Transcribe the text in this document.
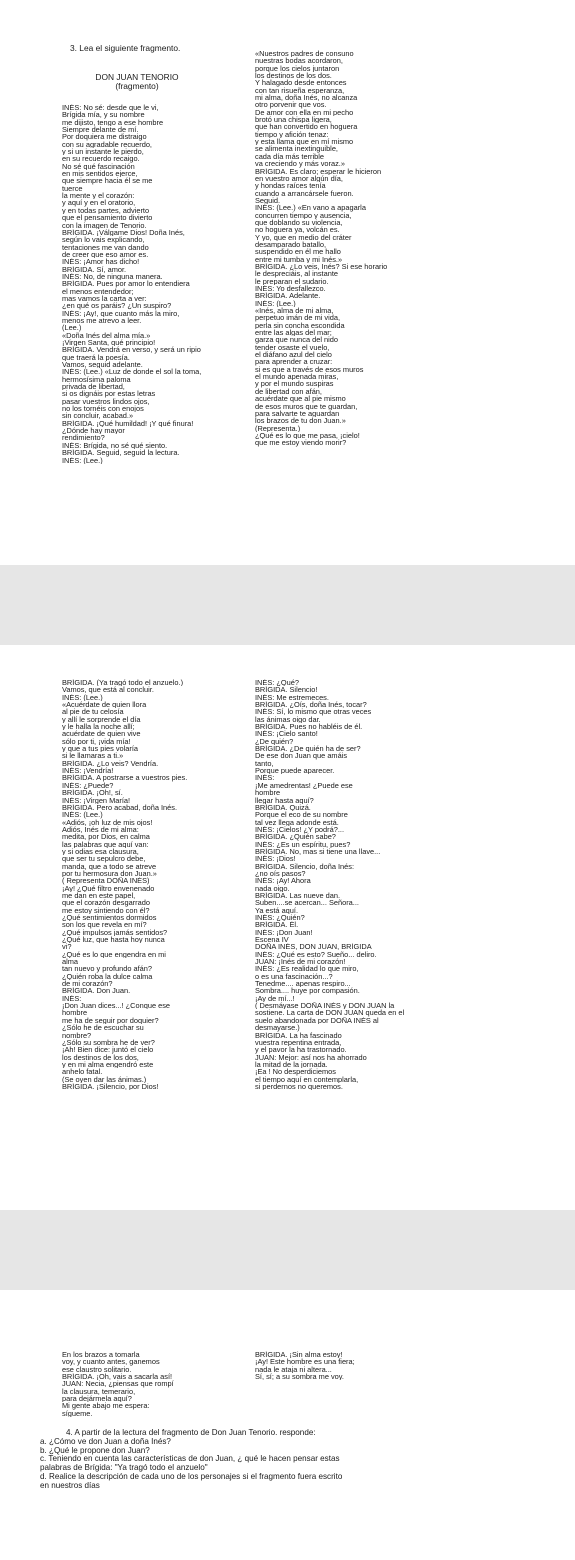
3. Lea el siguiente fragmento.
DON JUAN TENORIO
(fragmento)
INÉS: No sé: desde que le vi,
Brígida mía, y su nombre
me dijisto, tengo a ese hombre
Siempre delante de mí.
Por doquiera me distraigo
con su agradable recuerdo,
y si un instante le pierdo,
en su recuerdo recaigo.
No sé qué fascinación
en mis sentidos ejerce,
que siempre hacia él se me
tuerce
la mente y el corazón:
y aquí y en el oratorio,
y en todas partes, advierto
que el pensamiento divierto
con la imagen de Tenorio.
BRÍGIDA. ¡Válgame Dios! Doña Inés,
según lo vais explicando,
tentaciones me van dando
de creer que eso amor es.
INÉS: ¡Amor has dicho!
BRÍGIDA. Sí, amor.
INÉS: No, de ninguna manera.
BRÍGIDA. Pues por amor lo entendiera
el menos entendedor;
mas vamos la carta a ver:
¿en qué os paráis? ¿Un suspiro?
INÉS: ¡Ay!, que cuanto más la miro,
menos me atrevo a leer.
(Lee.)
«Doña Inés del alma mía.»
¡Virgen Santa, qué principio!
BRÍGIDA. Vendrá en verso, y será un ripio
que traerá la poesía.
Vamos, seguid adelante.
INÉS: (Lee.) «Luz de donde el sol la toma,
hermosísima paloma
privada de libertad,
si os dignáis por estas letras
pasar vuestros lindos ojos,
no los tornéis con enojos
sin concluir, acabad.»
BRÍGIDA. ¡Qué humildad! ¡Y qué finura!
¿Dónde hay mayor
rendimiento?
INÉS: Brígida, no sé qué siento.
BRÍGIDA. Seguid, seguid la lectura.
INÉS: (Lee.)
«Nuestros padres de consuno
nuestras bodas acordaron,
porque los cielos juntaron
los destinos de los dos.
Y halagado desde entonces
con tan risueña esperanza,
mi alma, doña Inés, no alcanza
otro porvenir que vos.
De amor con ella en mi pecho
brotó una chispa ligera,
que han convertido en hoguera
tiempo y afición tenaz:
y esta llama que en mí mismo
se alimenta inextinguible,
cada día más terrible
va creciendo y más voraz.»
BRÍGIDA. Es claro; esperar le hicieron
en vuestro amor algún día,
y hondas raíces tenía
cuando a arrancársele fueron.
Seguid.
INÉS: (Lee.) «En vano a apagarla
concurren tiempo y ausencia,
que doblando su violencia,
no hoguera ya, volcán es.
Y yo, que en medio del cráter
desamparado batallo,
suspendido en él me hallo
entre mi tumba y mi Inés.»
BRÍGIDA. ¿Lo veis, Inés? Si ese horario
le despreciáis, al instante
le preparan el sudario.
INÉS: Yo desfallezco.
BRÍGIDA. Adelante.
INÉS: (Lee.)
«Inés, alma de mi alma,
perpetuo imán de mi vida,
perla sin concha escondida
entre las algas del mar;
garza que nunca del nido
tender osaste el vuelo,
el diáfano azul del cielo
para aprender a cruzar:
si es que a través de esos muros
el mundo apenada miras,
y por el mundo suspiras
de libertad con afán,
acuérdate que al pie mismo
de esos muros que te guardan,
para salvarte te aguardan
los brazos de tu don Juan.»
(Representa.)
¿Qué es lo que me pasa, ¡cielo!
que me estoy viendo morir?
BRÍGIDA. (Ya tragó todo el anzuelo.)
Vamos, que está al concluir.
INÉS: (Lee.)
«Acuérdate de quien llora
al pie de tu celosía
y allí le sorprende el día
y le halla la noche allí;
acuérdate de quien vive
sólo por ti, ¡vida mía!
y que a tus pies volaría
si le llamaras a ti.»
BRÍGIDA. ¿Lo veis? Vendría.
INÉS: ¡Vendría!
BRÍGIDA. A postrarse a vuestros pies.
INÉS: ¿Puede?
BRÍGIDA. ¡Oh!, sí.
INÉS: ¡Virgen María!
BRÍGIDA. Pero acabad, doña Inés.
INÉS: (Lee.)
«Adiós, ¡oh luz de mis ojos!
Adiós, Inés de mi alma:
medita, por Dios, en calma
las palabras que aquí van:
y si odias esa clausura,
que ser tu sepulcro debe,
manda, que a todo se atreve
por tu hermosura don Juan.»
( Representa DOÑA INÉS)
¡Ay! ¿Qué filtro envenenado
me dan en este papel,
que el corazón desgarrado
me estoy sintiendo con él?
¿Qué sentimientos dormidos
son los que revela en mí?
¿Qué impulsos jamás sentidos?
¿Qué luz, que hasta hoy nunca
vi?
¿Qué es lo que engendra en mi
alma
tan nuevo y profundo afán?
¿Quién roba la dulce calma
de mi corazón?
BRÍGIDA. Don Juan.
INÉS:
¡Don Juan dices...! ¿Conque ese
hombre
me ha de seguir por doquier?
¿Sólo he de escuchar su
nombre?
¿Sólo su sombra he de ver?
¡Ah! Bien dice: juntó el cielo
los destinos de los dos,
y en mi alma engendró este
anhelo fatal.
(Se oyen dar las ánimas.)
BRÍGIDA. ¡Silencio, por Dios!
INÉS: ¿Qué?
BRÍGIDA. Silencio!
INÉS: Me estremeces.
BRÍGIDA. ¿Oís, doña Inés, tocar?
INÉS: Sí, lo mismo que otras veces
las ánimas oigo dar.
BRÍGIDA. Pues no habléis de él.
INÉS: ¡Cielo santo!
¿De quién?
BRÍGIDA. ¿De quién ha de ser?
De ese don Juan que amáis
tanto,
Porque puede aparecer.
INÉS:
¡Me amedrentas! ¿Puede ese
hombre
llegar hasta aquí?
BRÍGIDA. Quizá.
Porque el eco de su nombre
tal vez llega adonde está.
INÉS: ¡Cielos! ¿Y podrá?...
BRÍGIDA. ¿Quién sabe?
INÉS: ¿Es un espíritu, pues?
BRÍGIDA. No, mas si tiene una llave...
INÉS: ¡Dios!
BRÍGIDA. Silencio, doña Inés:
¿no oís pasos?
INÉS: ¡Ay! Ahora
nada oigo.
BRÍGIDA. Las nueve dan.
Suben....se acercan... Señora...
Ya está aquí.
INÉS: ¿Quién?
BRÍGIDA. Él.
INÉS: ¡Don Juan!
Escena IV
DOÑA INÉS, DON JUAN, BRÍGIDA
INÉS: ¿Qué es esto? Sueño... deliro.
JUAN: ¡Inés de mi corazón!
INÉS: ¿Es realidad lo que miro,
o es una fascinación...?
Tenedme.... apenas respiro...
Sombra.... huye por compasión.
¡Ay de mí...!
( Desmáyase DOÑA INÉS y DON JUAN la
sostiene. La carta de DON JUAN queda en el
suelo abandonada por DOÑA INÉS al
desmayarse.)
BRÍGIDA. La ha fascinado
vuestra repentina entrada,
y el pavor la ha trastornado.
JUAN: Mejor: así nos ha ahorrado
la mitad de la jornada.
¡Ea ! No desperdiciemos
el tiempo aquí en contemplarla,
si perdernos no queremos.
En los brazos a tomarla
voy, y cuanto antes, ganemos
ese claustro solitario.
BRÍGIDA. ¡Oh, vais a sacarla así!
JUAN: Necia, ¿piensas que rompí
la clausura, temerario,
para dejármela aquí?
Mi gente abajo me espera:
sígueme.
BRÍGIDA. ¡Sin alma estoy!
¡Ay! Este hombre es una fiera;
nada le ataja ni altera...
Sí, sí; a su sombra me voy.
4. A partir de la lectura del fragmento de Don Juan Tenorio. responde:
a. ¿Cómo ve don Juan a doña Inés?
b. ¿Qué le propone don Juan?
c. Teniendo en cuenta las características de don Juan, ¿ qué le hacen pensar estas
palabras de Brígida: "Ya tragó todo el anzuelo"
d. Realice la descripción de cada uno de los personajes si el fragmento fuera escrito
en nuestros días
